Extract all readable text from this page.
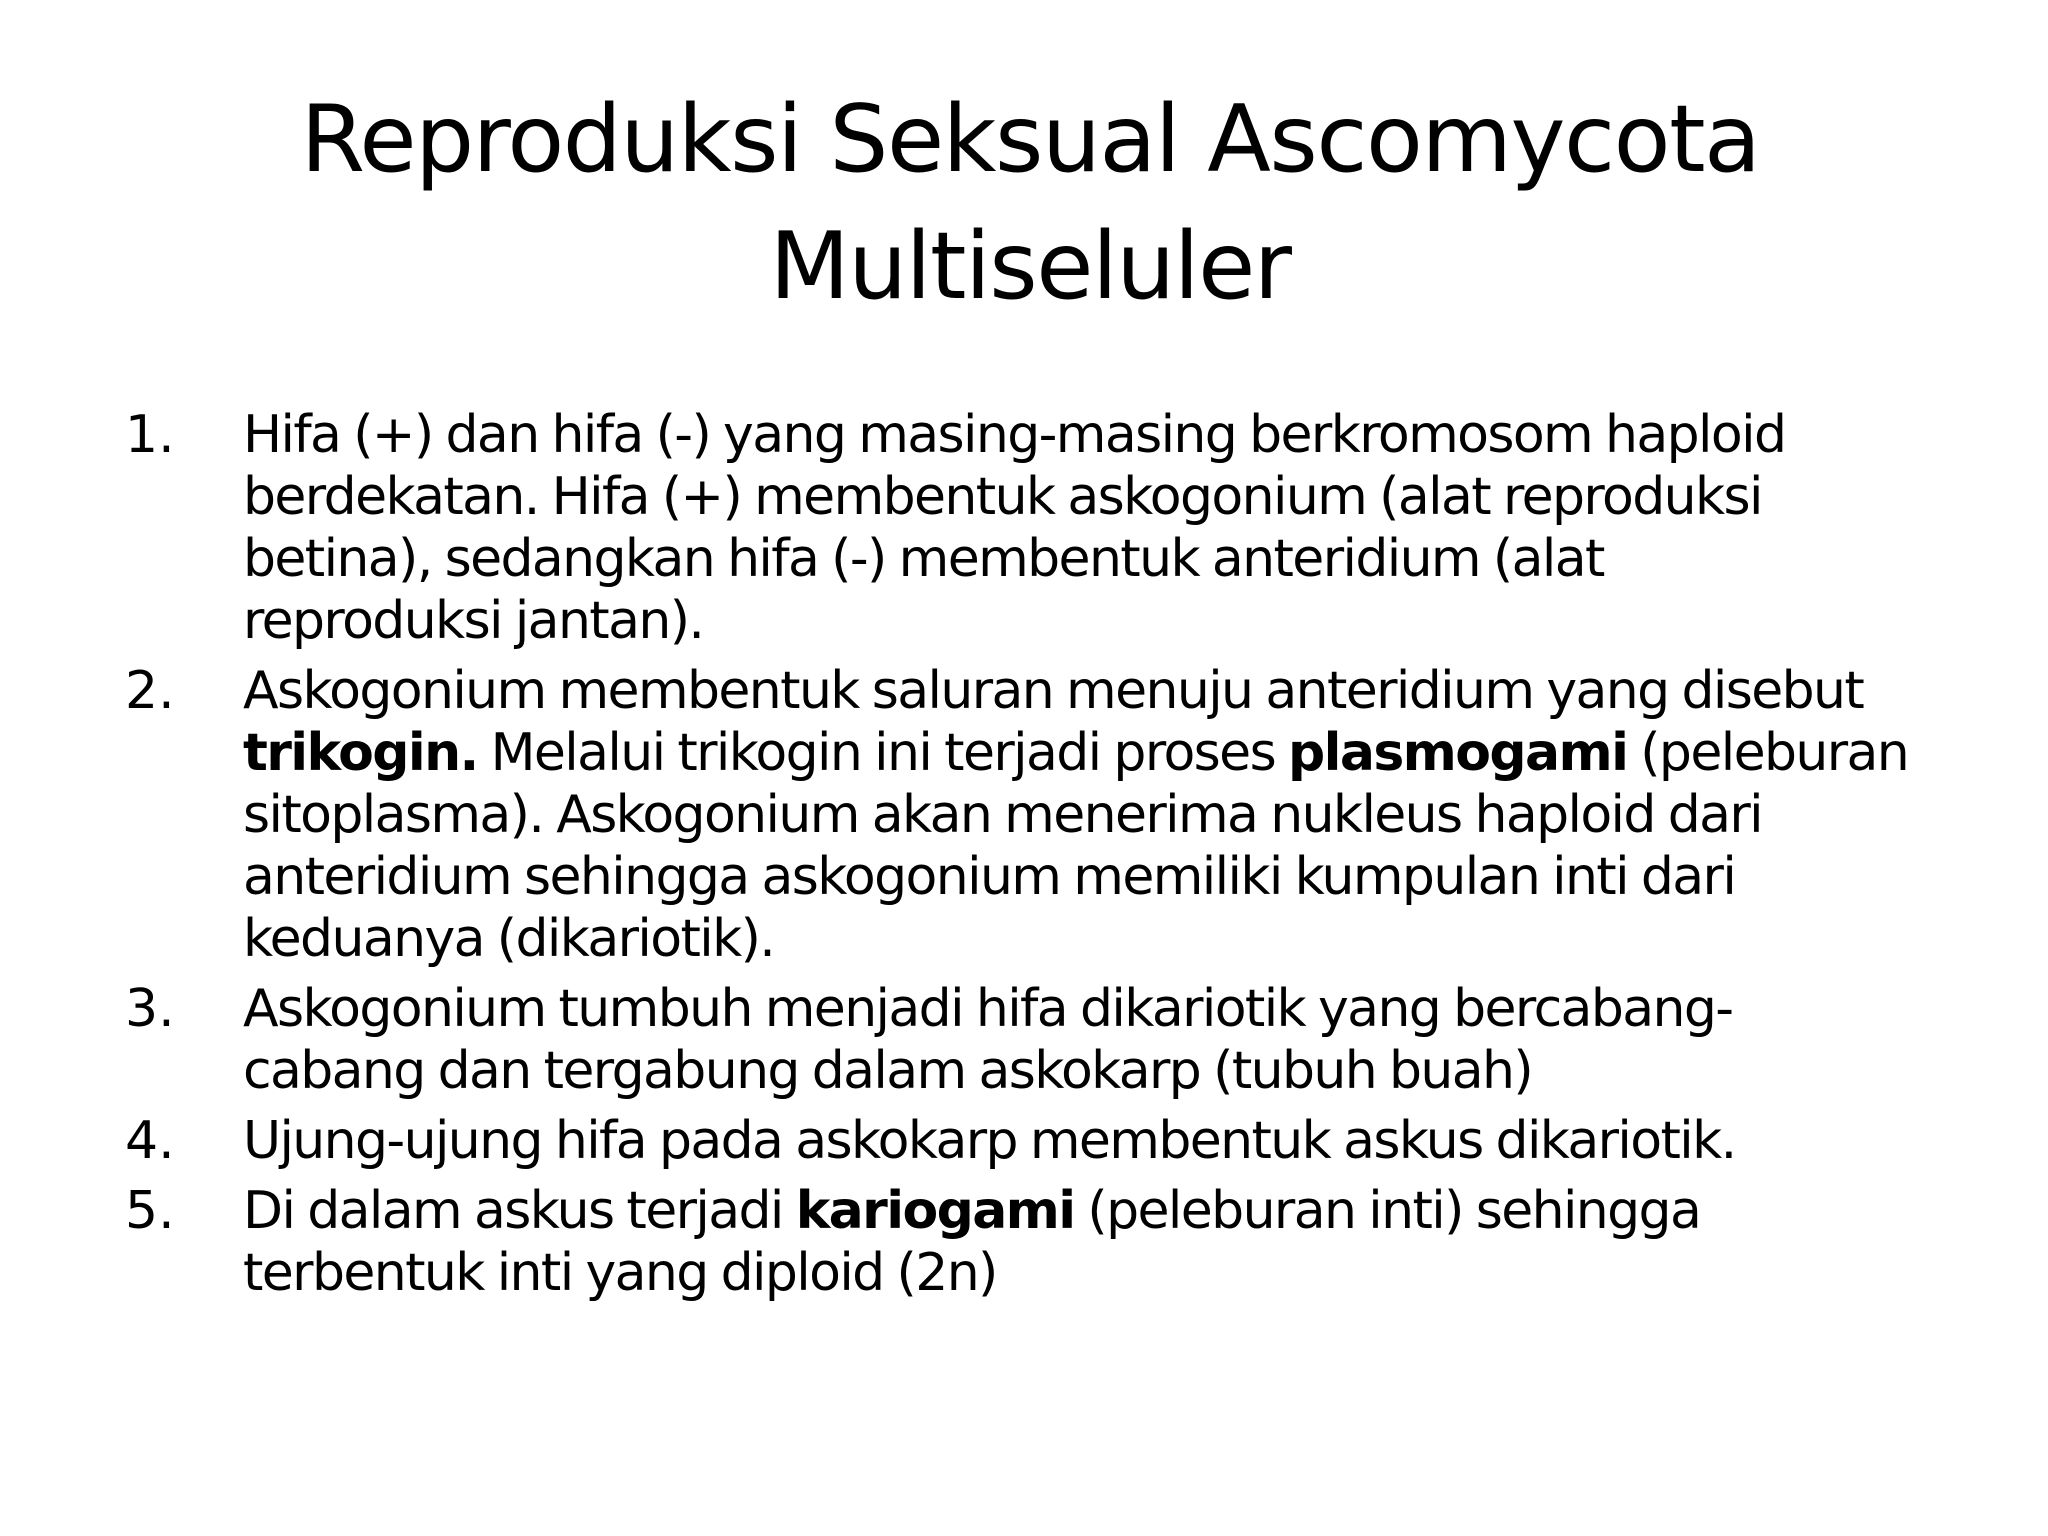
Reproduksi Seksual Ascomycota
Multiseluler
1. Hifa (+) dan hifa (-) yang masing-masing berkromosom haploid
berdekatan. Hifa (+) membentuk askogonium (alat reproduksi
betina), sedangkan hifa (-) membentuk anteridium (alat
reproduksi jantan).
2. Askogonium membentuk saluran menuju anteridium yang disebut
trikogin. Melalui trikogin ini terjadi proses plasmogami (peleburan
sitoplasma). Askogonium akan menerima nukleus haploid dari
anteridium sehingga askogonium memiliki kumpulan inti dari
keduanya (dikariotik).
3. Askogonium tumbuh menjadi hifa dikariotik yang bercabang-
cabang dan tergabung dalam askokarp (tubuh buah)
4. Ujung-ujung hifa pada askokarp membentuk askus dikariotik.
5. Di dalam askus terjadi kariogami (peleburan inti) sehingga
terbentuk inti yang diploid (2n)
